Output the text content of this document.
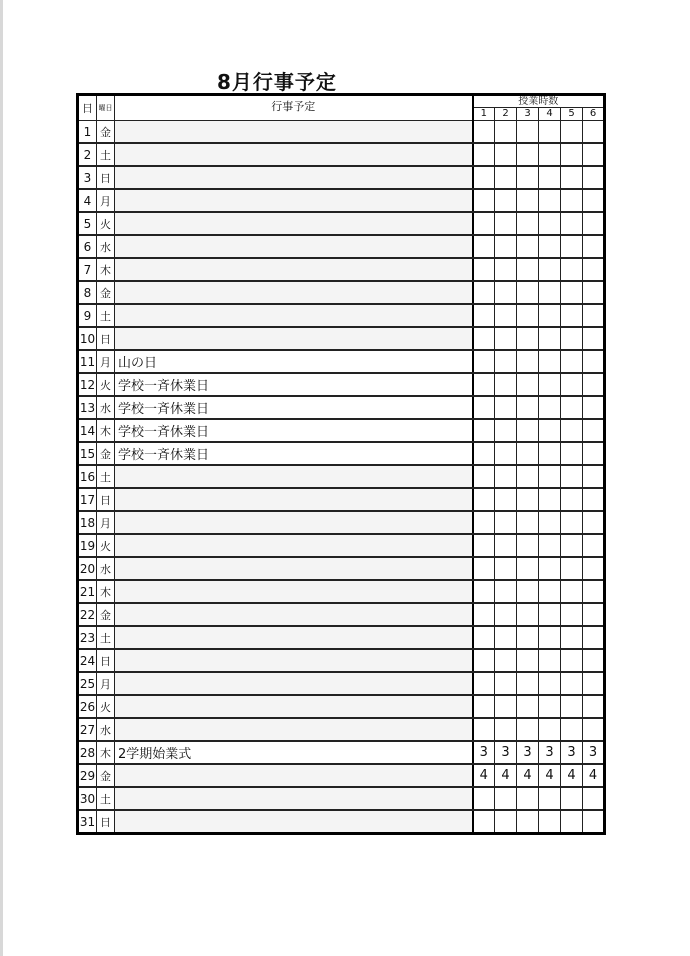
8月行事予定
日	曜日	行事予定	授業時数					
			1	2	3	4	5	6
1	金							
2	土							
3	日							
4	月							
5	火							
6	水							
7	木							
8	金							
9	土							
10	日							
11	月	山の日						
12	火	学校一斉休業日						
13	水	学校一斉休業日						
14	木	学校一斉休業日						
15	金	学校一斉休業日						
16	土							
17	日							
18	月							
19	火							
20	水							
21	木							
22	金							
23	土							
24	日							
25	月							
26	火							
27	水							
28	木	2学期始業式	3	3	3	3	3	3
29	金		4	4	4	4	4	4
30	土							
31	日							
